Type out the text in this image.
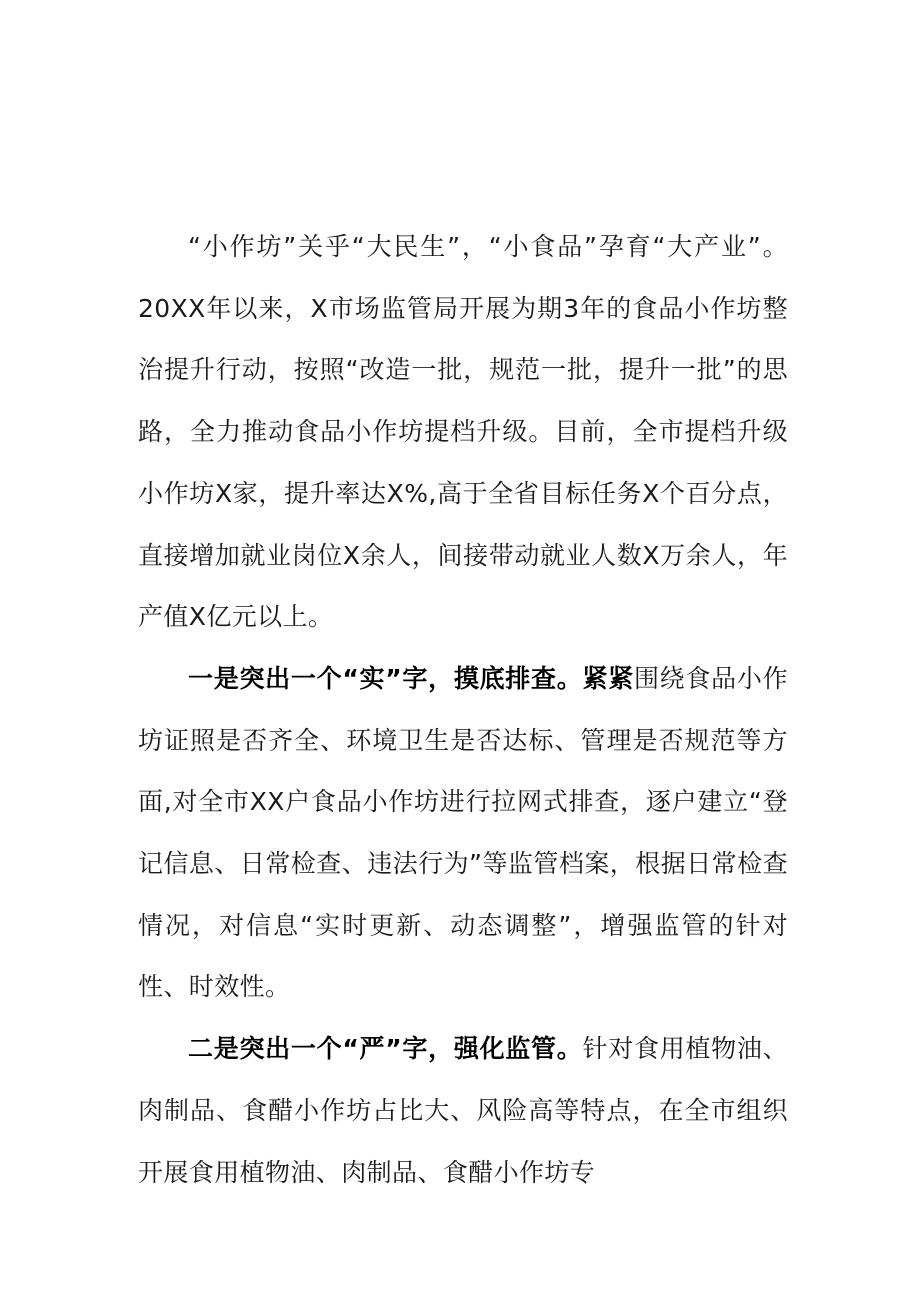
“小作坊”关乎“大民生”，“小食品”孕育“大产业”。20XX年以来，X市场监管局开展为期3年的食品小作坊整治提升行动，按照“改造一批，规范一批，提升一批”的思路，全力推动食品小作坊提档升级。目前，全市提档升级小作坊X家，提升率达X%,高于全省目标任务X个百分点，直接增加就业岗位X余人，间接带动就业人数X万余人，年产值X亿元以上。

一是突出一个“实”字，摸底排查。紧紧围绕食品小作坊证照是否齐全、环境卫生是否达标、管理是否规范等方面,对全市XX户食品小作坊进行拉网式排查，逐户建立“登记信息、日常检查、违法行为”等监管档案，根据日常检查情况，对信息“实时更新、动态调整”，增强监管的针对性、时效性。

二是突出一个“严”字，强化监管。针对食用植物油、肉制品、食醋小作坊占比大、风险高等特点，在全市组织开展食用植物油、肉制品、食醋小作坊专
